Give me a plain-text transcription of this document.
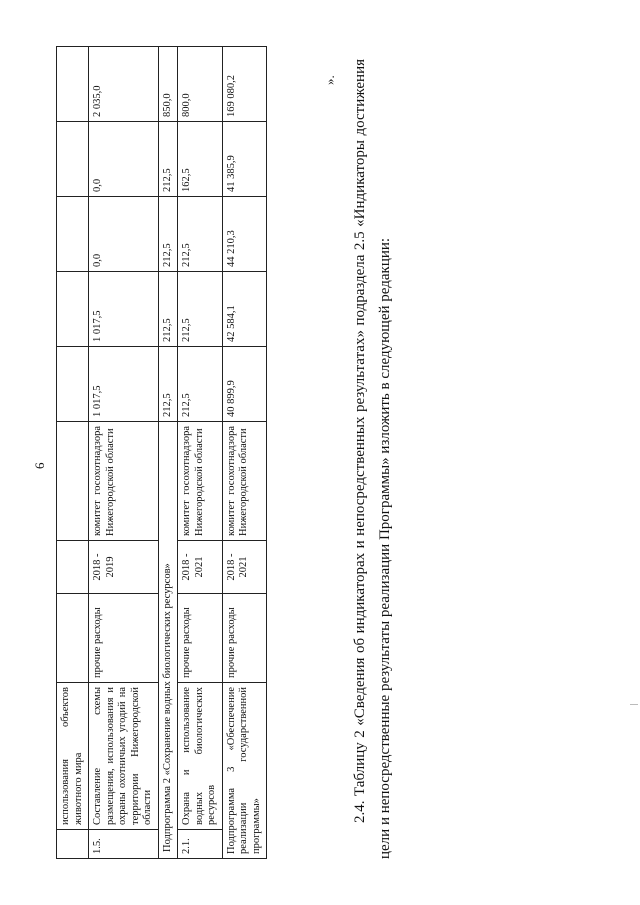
6
	использования объектов животного мира								
1.5.	Составление схемы размещения, использования и охраны охотничьих угодий на территории Нижегородской области	прочие расходы	2018 - 2019	комитет госохотнадзора Нижегородской области	1 017,5	1 017,5	0,0	0,0	2 035,0
Подпрограмма 2 «Сохранение водных биологических ресурсов»					212,5	212,5	212,5	212,5	850,0
2.1.	Охрана и использование водных биологических ресурсов	прочие расходы	2018 - 2021	комитет госохотнадзора Нижегородской области	212,5	212,5	212,5	162,5	800,0
Подпрограмма 3 «Обеспечение реализации государственной программы»		прочие расходы	2018 - 2021	комитет госохотнадзора Нижегородской области	40 899,9	42 584,1	44 210,3	41 385,9	169 080,2	». 2.4. Таблицу 2 «Сведения об индикаторах и непосредственных результатах» подраздела 2.5 «Индикаторы достижения цели и непосредственные результаты реализации Программы» изложить в следующей редакции:
